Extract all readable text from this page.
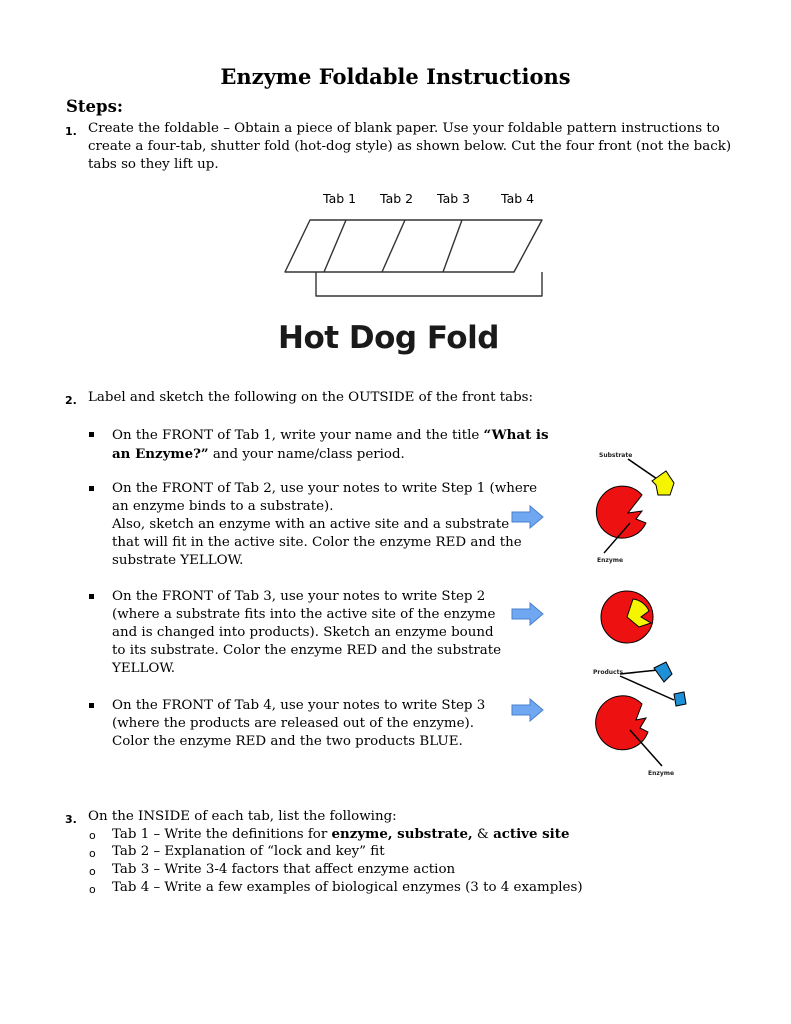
Enzyme Foldable Instructions
Steps:
1. Create the foldable – Obtain a piece of blank paper. Use your foldable pattern instructions to
create a four-tab, shutter fold (hot-dog style) as shown below. Cut the four front (not the back)
tabs so they lift up.
Tab 1 Tab 2 Tab 3 Tab 4
Hot Dog Fold
2. Label and sketch the following on the OUTSIDE of the front tabs:
On the FRONT of Tab 1, write your name and the title “What is
an Enzyme?” and your name/class period.
On the FRONT of Tab 2, use your notes to write Step 1 (where
an enzyme binds to a substrate).
Also, sketch an enzyme with an active site and a substrate
that will fit in the active site. Color the enzyme RED and the
substrate YELLOW.
On the FRONT of Tab 3, use your notes to write Step 2
(where a substrate fits into the active site of the enzyme
and is changed into products). Sketch an enzyme bound
to its substrate. Color the enzyme RED and the substrate
YELLOW.
On the FRONT of Tab 4, use your notes to write Step 3
(where the products are released out of the enzyme).
Color the enzyme RED and the two products BLUE.
Substrate
Enzyme
Products
Enzyme
3. On the INSIDE of each tab, list the following:
o Tab 1 – Write the definitions for enzyme, substrate, & active site
o Tab 2 – Explanation of “lock and key” fit
o Tab 3 – Write 3-4 factors that affect enzyme action
o Tab 4 – Write a few examples of biological enzymes (3 to 4 examples)
